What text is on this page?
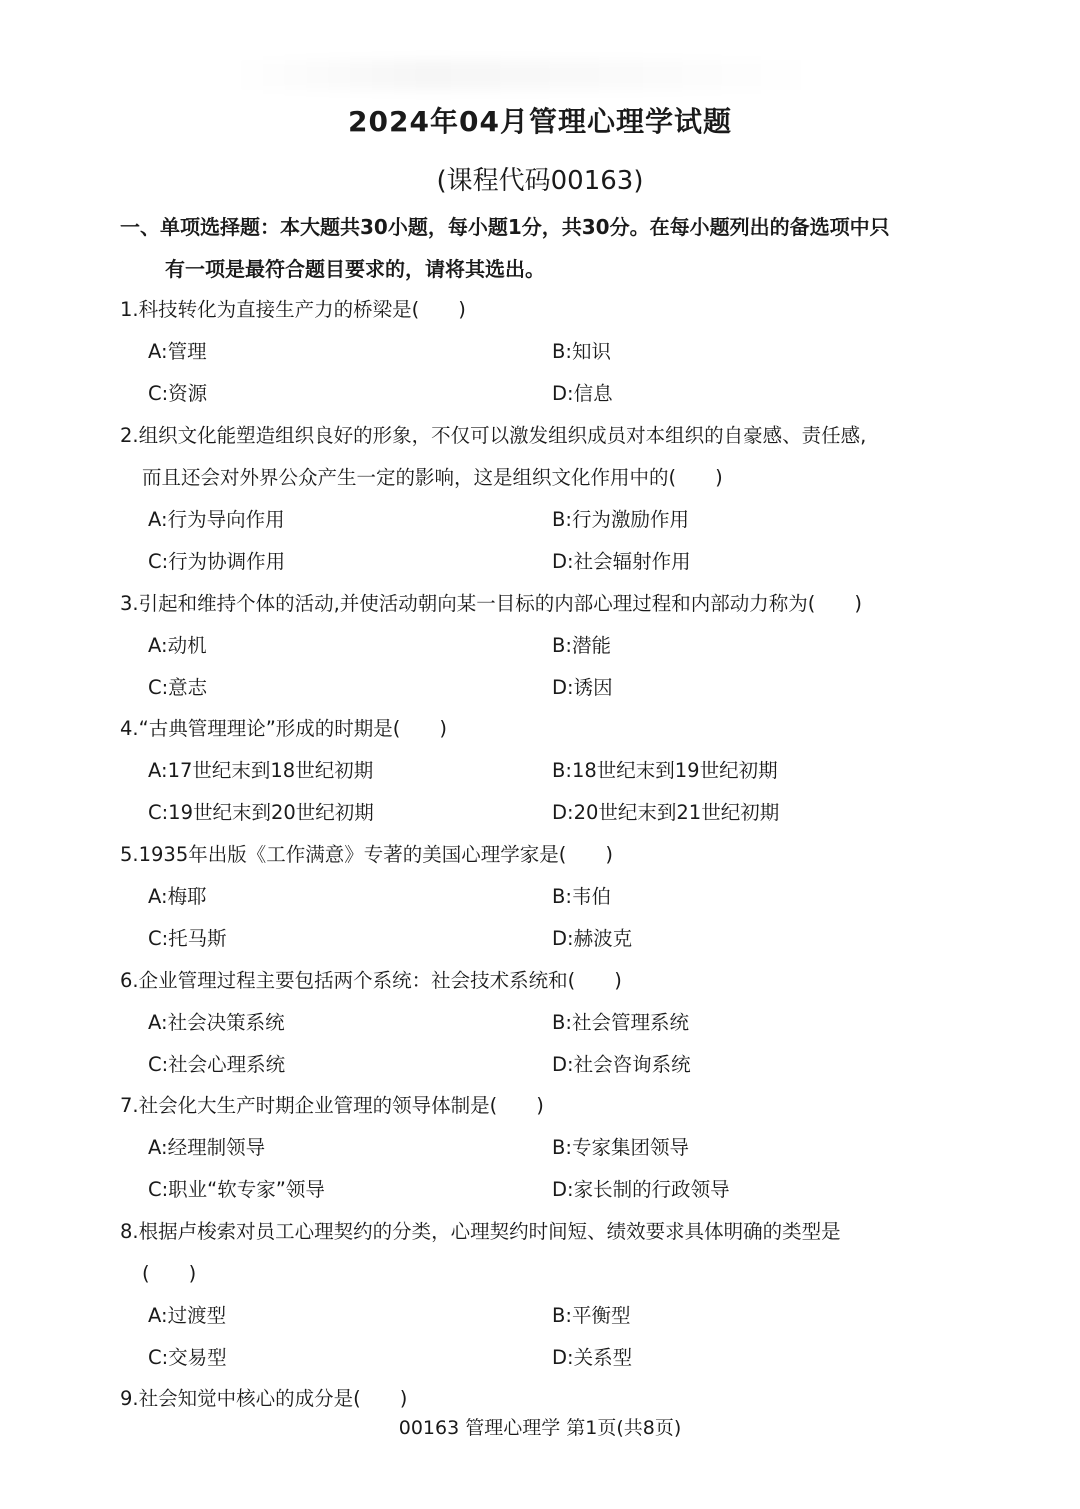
2024年04月管理心理学试题
(课程代码00163)
一、单项选择题：本大题共30小题，每小题1分，共30分。在每小题列出的备选项中只
有一项是最符合题目要求的，请将其选出。
1.科技转化为直接生产力的桥梁是(　　)
A:管理	B:知识
C:资源	D:信息
2.组织文化能塑造组织良好的形象，不仅可以激发组织成员对本组织的自豪感、责任感,
而且还会对外界公众产生一定的影响，这是组织文化作用中的(　　)
A:行为导向作用	B:行为激励作用
C:行为协调作用	D:社会辐射作用
3.引起和维持个体的活动,并使活动朝向某一目标的内部心理过程和内部动力称为(　　)
A:动机	B:潜能
C:意志	D:诱因
4.“古典管理理论”形成的时期是(　　)
A:17世纪末到18世纪初期	B:18世纪末到19世纪初期
C:19世纪末到20世纪初期	D:20世纪末到21世纪初期
5.1935年出版《工作满意》专著的美国心理学家是(　　)
A:梅耶	B:韦伯
C:托马斯	D:赫波克
6.企业管理过程主要包括两个系统：社会技术系统和(　　)
A:社会决策系统	B:社会管理系统
C:社会心理系统	D:社会咨询系统
7.社会化大生产时期企业管理的领导体制是(　　)
A:经理制领导	B:专家集团领导
C:职业“软专家”领导	D:家长制的行政领导
8.根据卢梭索对员工心理契约的分类，心理契约时间短、绩效要求具体明确的类型是
(　　)
A:过渡型	B:平衡型
C:交易型	D:关系型
9.社会知觉中核心的成分是(　　)
00163 管理心理学 第1页(共8页)
